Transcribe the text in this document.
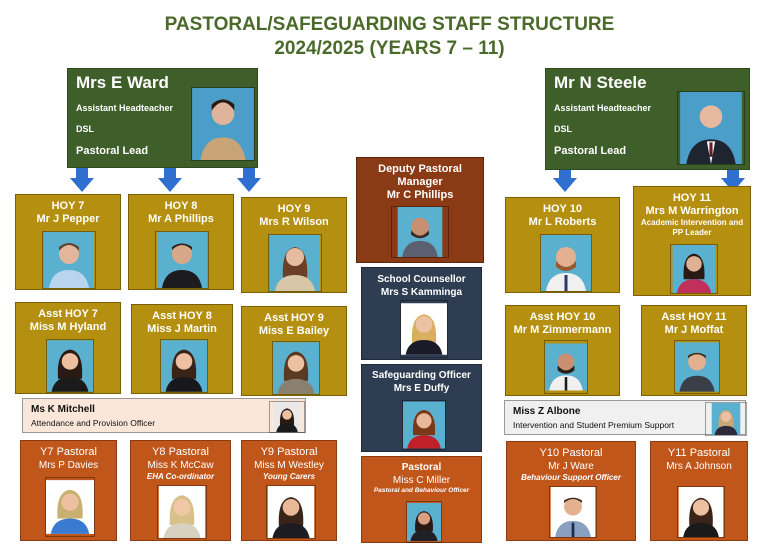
PASTORAL/SAFEGUARDING STAFF STRUCTURE
2024/2025 (YEARS 7 – 11)
Mrs E Ward
Assistant Headteacher
DSL
Pastoral Lead
Mr N Steele
Assistant Headteacher
DSL
Pastoral Lead
HOY 7
Mr J Pepper
HOY 8
Mr A Phillips
HOY 9
Mrs R Wilson
HOY 10
Mr L Roberts
HOY 11
Mrs M Warrington
Academic Intervention and PP Leader
Deputy Pastoral
Manager
Mr C Phillips
School Counsellor
Mrs S Kamminga
Safeguarding Officer
Mrs E Duffy
Pastoral
Miss C Miller
Pastoral and Behaviour Officer
Asst HOY 7
Miss M Hyland
Asst HOY 8
Miss J Martin
Asst HOY 9
Miss E Bailey
Asst HOY 10
Mr M Zimmermann
Asst HOY 11
Mr J Moffat
Ms K Mitchell
Attendance and Provision Officer
Miss Z Albone
Intervention and Student Premium Support
Y7 Pastoral
Mrs P Davies
Y8 Pastoral
Miss K McCaw
EHA Co-ordinator
Y9 Pastoral
Miss M Westley
Young Carers
Y10 Pastoral
Mr J Ware
Behaviour Support Officer
Y11 Pastoral
Mrs A Johnson
